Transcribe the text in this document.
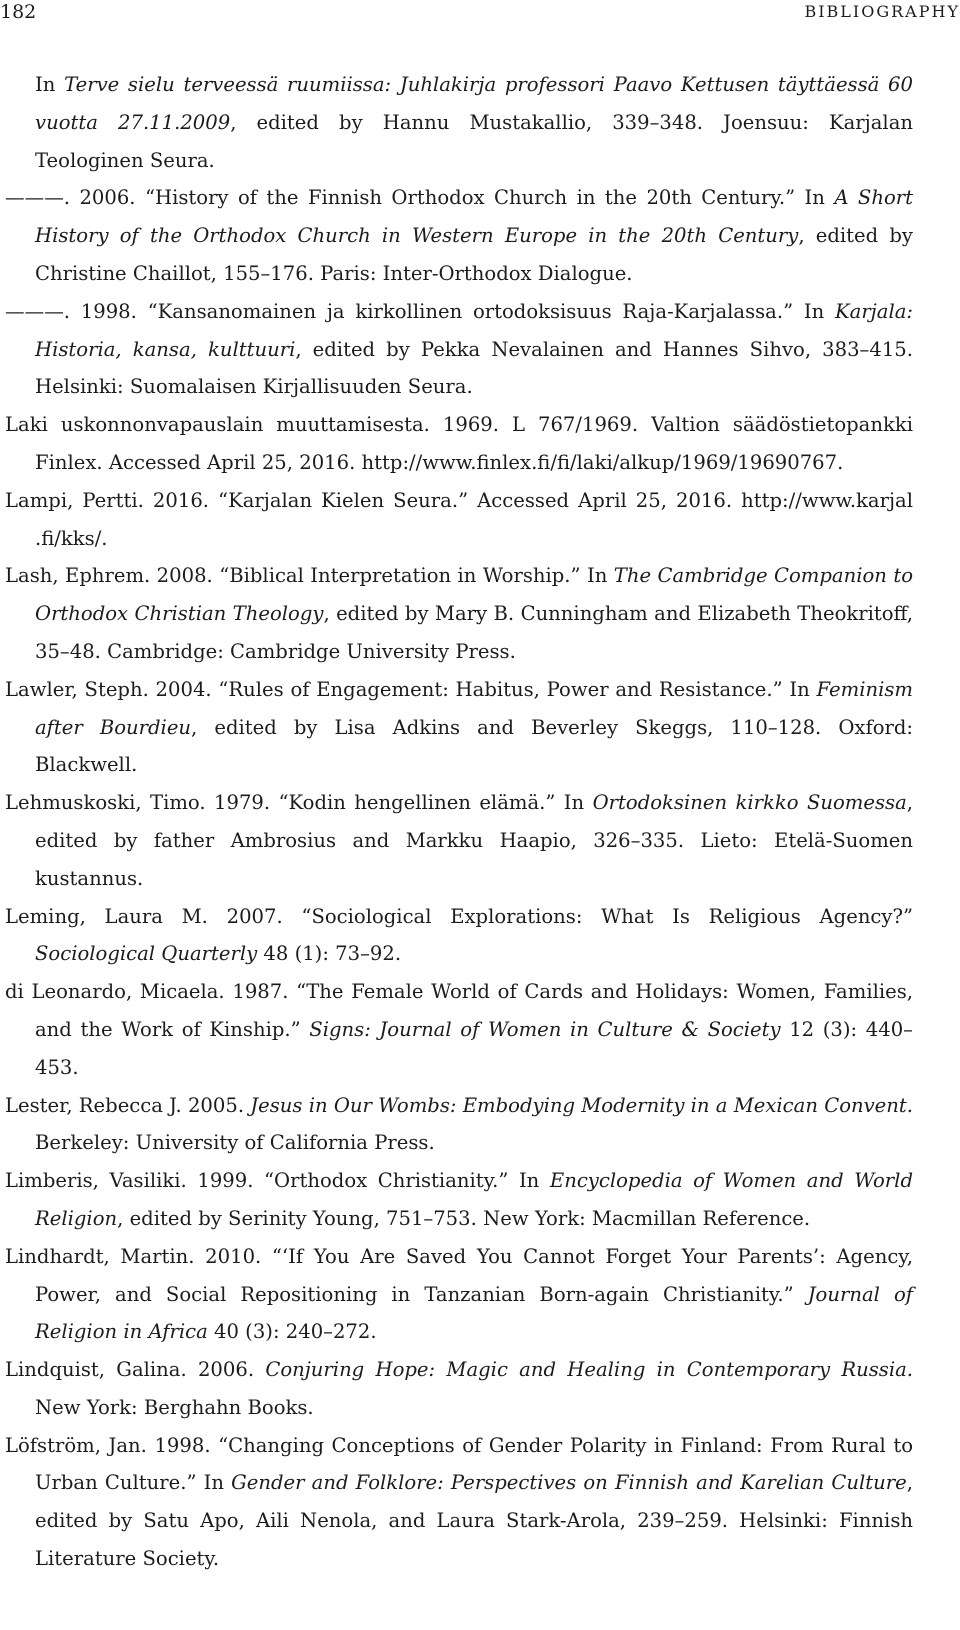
182	BIBLIOGRAPHY
In Terve sielu terveessä ruumiissa: Juhlakirja professori Paavo Kettusen täyttäessä 60 vuotta 27.11.2009, edited by Hannu Mustakallio, 339–348. Joensuu: Karjalan Teologinen Seura.
———. 2006. “History of the Finnish Orthodox Church in the 20th Century.” In A Short History of the Orthodox Church in Western Europe in the 20th Century, edited by Christine Chaillot, 155–176. Paris: Inter-Orthodox Dialogue.
———. 1998. “Kansanomainen ja kirkollinen ortodoksisuus Raja-Karjalassa.” In Karjala: Historia, kansa, kulttuuri, edited by Pekka Nevalainen and Hannes Sihvo, 383–415. Helsinki: Suomalaisen Kirjallisuuden Seura.
Laki uskonnonvapauslain muuttamisesta. 1969. L 767/1969. Valtion säädöstietopankki Finlex. Accessed April 25, 2016. http://www.finlex.fi/fi/laki/alkup/1969/19690767.
Lampi, Pertti. 2016. “Karjalan Kielen Seura.” Accessed April 25, 2016. http://www.karjal .fi/kks/.
Lash, Ephrem. 2008. “Biblical Interpretation in Worship.” In The Cambridge Companion to Orthodox Christian Theology, edited by Mary B. Cunningham and Elizabeth Theokritoff, 35–48. Cambridge: Cambridge University Press.
Lawler, Steph. 2004. “Rules of Engagement: Habitus, Power and Resistance.” In Feminism after Bourdieu, edited by Lisa Adkins and Beverley Skeggs, 110–128. Oxford: Blackwell.
Lehmuskoski, Timo. 1979. “Kodin hengellinen elämä.” In Ortodoksinen kirkko Suomessa, edited by father Ambrosius and Markku Haapio, 326–335. Lieto: Etelä-Suomen kustannus.
Leming, Laura M. 2007. “Sociological Explorations: What Is Religious Agency?” Sociological Quarterly 48 (1): 73–92.
di Leonardo, Micaela. 1987. “The Female World of Cards and Holidays: Women, Families, and the Work of Kinship.” Signs: Journal of Women in Culture & Society 12 (3): 440–453.
Lester, Rebecca J. 2005. Jesus in Our Wombs: Embodying Modernity in a Mexican Convent. Berkeley: University of California Press.
Limberis, Vasiliki. 1999. “Orthodox Christianity.” In Encyclopedia of Women and World Religion, edited by Serinity Young, 751–753. New York: Macmillan Reference.
Lindhardt, Martin. 2010. “‘If You Are Saved You Cannot Forget Your Parents’: Agency, Power, and Social Repositioning in Tanzanian Born-again Christianity.” Journal of Religion in Africa 40 (3): 240–272.
Lindquist, Galina. 2006. Conjuring Hope: Magic and Healing in Contemporary Russia. New York: Berghahn Books.
Löfström, Jan. 1998. “Changing Conceptions of Gender Polarity in Finland: From Rural to Urban Culture.” In Gender and Folklore: Perspectives on Finnish and Karelian Culture, edited by Satu Apo, Aili Nenola, and Laura Stark-Arola, 239–259. Helsinki: Finnish Literature Society.
